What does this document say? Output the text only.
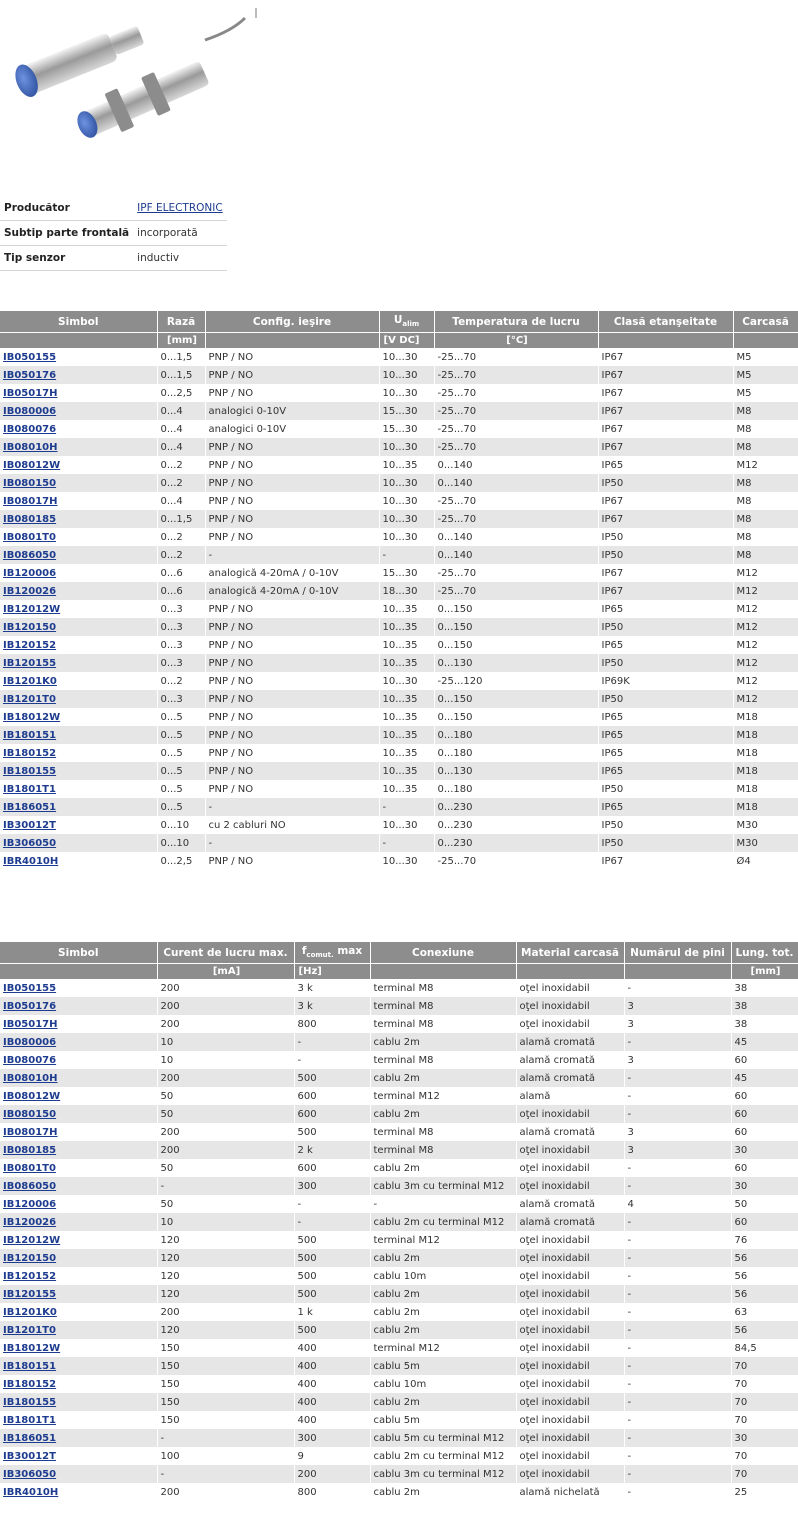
Producător	IPF ELECTRONIC
Subtip parte frontală	incorporată
Tip senzor	inductiv
Simbol	Rază	Config. ieşire	$U_{alim}$	Temperatura de lucru	Clasă etanşeitate	Carcasă
	[mm]		[V DC]	[°C]		
IB050155	0...1,5	PNP / NO	10...30	-25...70	IP67	M5
IB050176	0...1,5	PNP / NO	10...30	-25...70	IP67	M5
IB05017H	0...2,5	PNP / NO	10...30	-25...70	IP67	M5
IB080006	0...4	analogici 0-10V	15...30	-25...70	IP67	M8
IB080076	0...4	analogici 0-10V	15...30	-25...70	IP67	M8
IB08010H	0...4	PNP / NO	10...30	-25...70	IP67	M8
IB08012W	0...2	PNP / NO	10...35	0...140	IP65	M12
IB080150	0...2	PNP / NO	10...30	0...140	IP50	M8
IB08017H	0...4	PNP / NO	10...30	-25...70	IP67	M8
IB080185	0...1,5	PNP / NO	10...30	-25...70	IP67	M8
IB0801T0	0...2	PNP / NO	10...30	0...140	IP50	M8
IB086050	0...2	-	-	0...140	IP50	M8
IB120006	0...6	analogică 4-20mA / 0-10V	15...30	-25...70	IP67	M12
IB120026	0...6	analogică 4-20mA / 0-10V	18...30	-25...70	IP67	M12
IB12012W	0...3	PNP / NO	10...35	0...150	IP65	M12
IB120150	0...3	PNP / NO	10...35	0...150	IP50	M12
IB120152	0...3	PNP / NO	10...35	0...150	IP65	M12
IB120155	0...3	PNP / NO	10...35	0...130	IP50	M12
IB1201K0	0...2	PNP / NO	10...30	-25...120	IP69K	M12
IB1201T0	0...3	PNP / NO	10...35	0...150	IP50	M12
IB18012W	0...5	PNP / NO	10...35	0...150	IP65	M18
IB180151	0...5	PNP / NO	10...35	0...180	IP65	M18
IB180152	0...5	PNP / NO	10...35	0...180	IP65	M18
IB180155	0...5	PNP / NO	10...35	0...130	IP65	M18
IB1801T1	0...5	PNP / NO	10...35	0...180	IP50	M18
IB186051	0...5	-	-	0...230	IP65	M18
IB30012T	0...10	cu 2 cabluri NO	10...30	0...230	IP50	M30
IB306050	0...10	-	-	0...230	IP50	M30
IBR4010H	0...2,5	PNP / NO	10...30	-25...70	IP67	Ø4
Simbol	Curent de lucru max.	$f_{comut.}$ max	Conexiune	Material carcasă	Numărul de pini	Lung. tot.
	[mA]	[Hz]				[mm]
IB050155	200	3 k	terminal M8	oţel inoxidabil	-	38
IB050176	200	3 k	terminal M8	oţel inoxidabil	3	38
IB05017H	200	800	terminal M8	oţel inoxidabil	3	38
IB080006	10	-	cablu 2m	alamă cromată	-	45
IB080076	10	-	terminal M8	alamă cromată	3	60
IB08010H	200	500	cablu 2m	alamă cromată	-	45
IB08012W	50	600	terminal M12	alamă	-	60
IB080150	50	600	cablu 2m	oţel inoxidabil	-	60
IB08017H	200	500	terminal M8	alamă cromată	3	60
IB080185	200	2 k	terminal M8	oţel inoxidabil	3	30
IB0801T0	50	600	cablu 2m	oţel inoxidabil	-	60
IB086050	-	300	cablu 3m cu terminal M12	oţel inoxidabil	-	30
IB120006	50	-	-	alamă cromată	4	50
IB120026	10	-	cablu 2m cu terminal M12	alamă cromată	-	60
IB12012W	120	500	terminal M12	oţel inoxidabil	-	76
IB120150	120	500	cablu 2m	oţel inoxidabil	-	56
IB120152	120	500	cablu 10m	oţel inoxidabil	-	56
IB120155	120	500	cablu 2m	oţel inoxidabil	-	56
IB1201K0	200	1 k	cablu 2m	oţel inoxidabil	-	63
IB1201T0	120	500	cablu 2m	oţel inoxidabil	-	56
IB18012W	150	400	terminal M12	oţel inoxidabil	-	84,5
IB180151	150	400	cablu 5m	oţel inoxidabil	-	70
IB180152	150	400	cablu 10m	oţel inoxidabil	-	70
IB180155	150	400	cablu 2m	oţel inoxidabil	-	70
IB1801T1	150	400	cablu 5m	oţel inoxidabil	-	70
IB186051	-	300	cablu 5m cu terminal M12	oţel inoxidabil	-	30
IB30012T	100	9	cablu 2m cu terminal M12	oţel inoxidabil	-	70
IB306050	-	200	cablu 3m cu terminal M12	oţel inoxidabil	-	70
IBR4010H	200	800	cablu 2m	alamă nichelată	-	25
